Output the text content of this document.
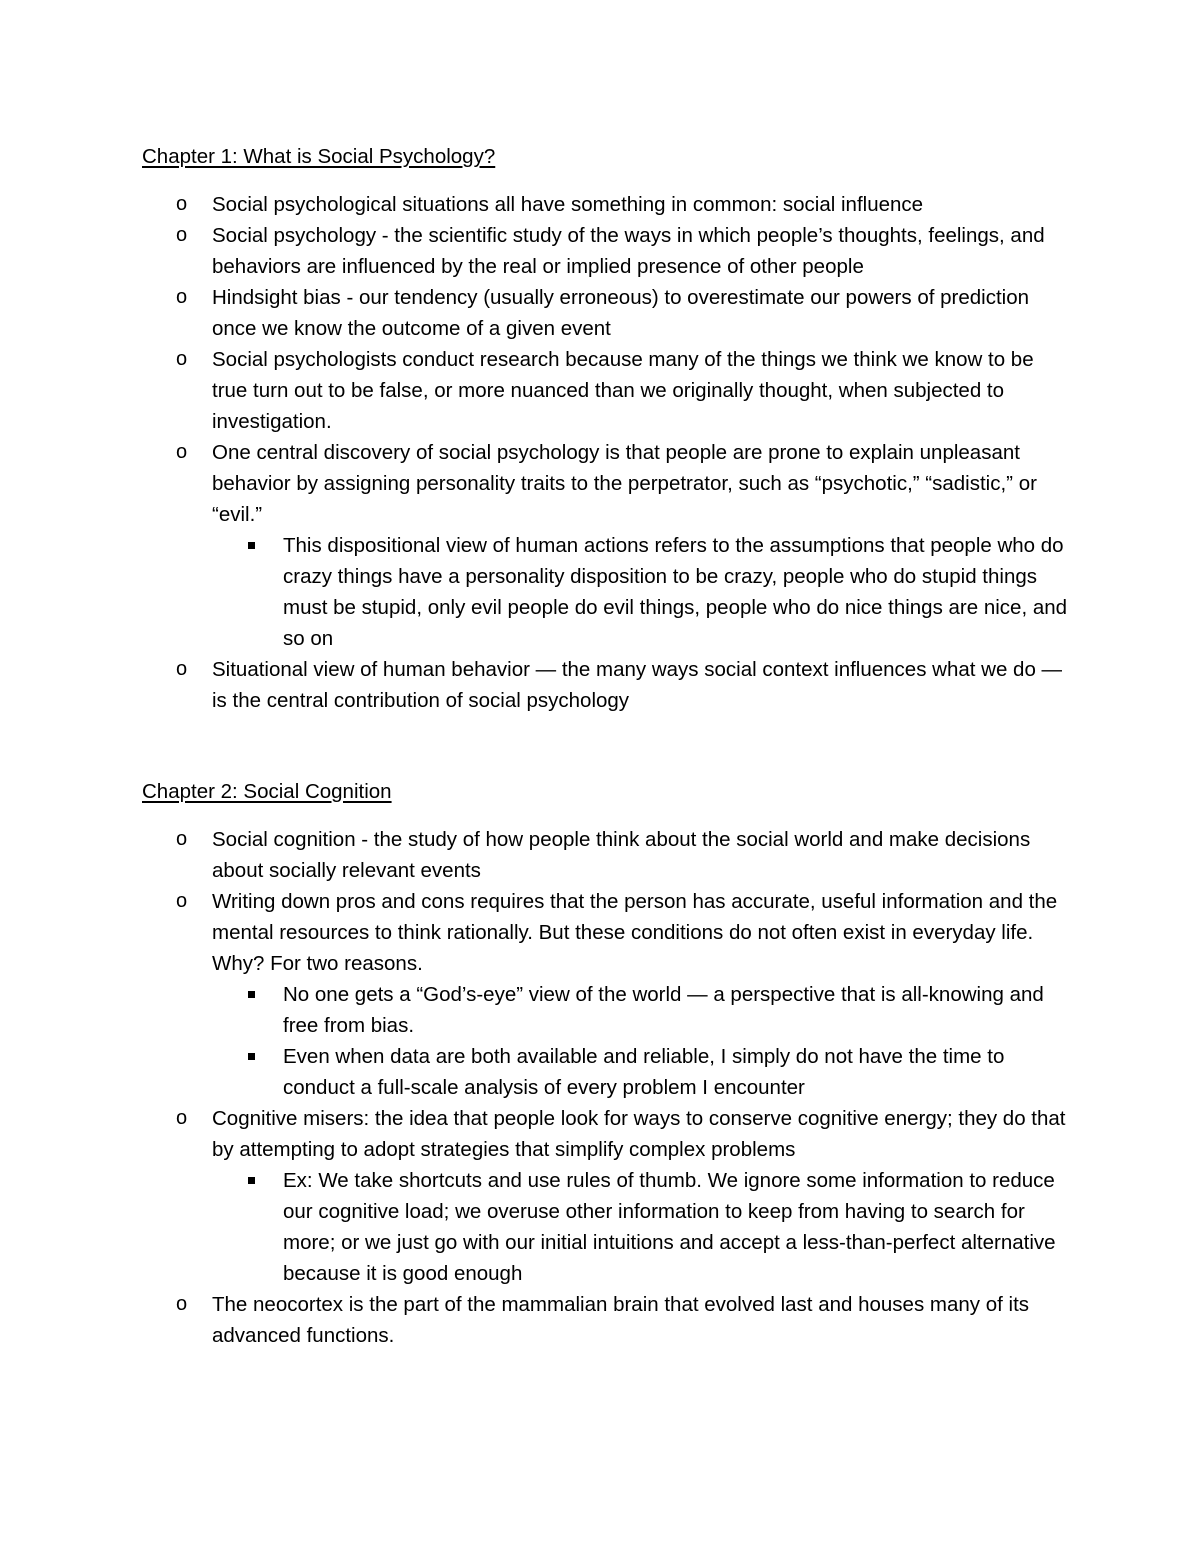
Chapter 1: What is Social Psychology?
o Social psychological situations all have something in common: social influence
o Social psychology - the scientific study of the ways in which people’s thoughts, feelings, and behaviors are influenced by the real or implied presence of other people
o Hindsight bias - our tendency (usually erroneous) to overestimate our powers of prediction once we know the outcome of a given event
o Social psychologists conduct research because many of the things we think we know to be true turn out to be false, or more nuanced than we originally thought, when subjected to investigation.
o One central discovery of social psychology is that people are prone to explain unpleasant behavior by assigning personality traits to the perpetrator, such as “psychotic,” “sadistic,” or “evil.”
This dispositional view of human actions refers to the assumptions that people who do crazy things have a personality disposition to be crazy, people who do stupid things must be stupid, only evil people do evil things, people who do nice things are nice, and so on
o Situational view of human behavior — the many ways social context influences what we do — is the central contribution of social psychology
Chapter 2: Social Cognition
o Social cognition - the study of how people think about the social world and make decisions about socially relevant events
o Writing down pros and cons requires that the person has accurate, useful information and the mental resources to think rationally. But these conditions do not often exist in everyday life. Why? For two reasons.
No one gets a “God’s-eye” view of the world — a perspective that is all-knowing and free from bias.
Even when data are both available and reliable, I simply do not have the time to conduct a full-scale analysis of every problem I encounter
o Cognitive misers: the idea that people look for ways to conserve cognitive energy; they do that by attempting to adopt strategies that simplify complex problems
Ex: We take shortcuts and use rules of thumb. We ignore some information to reduce our cognitive load; we overuse other information to keep from having to search for more; or we just go with our initial intuitions and accept a less-than-perfect alternative because it is good enough
o The neocortex is the part of the mammalian brain that evolved last and houses many of its advanced functions.
